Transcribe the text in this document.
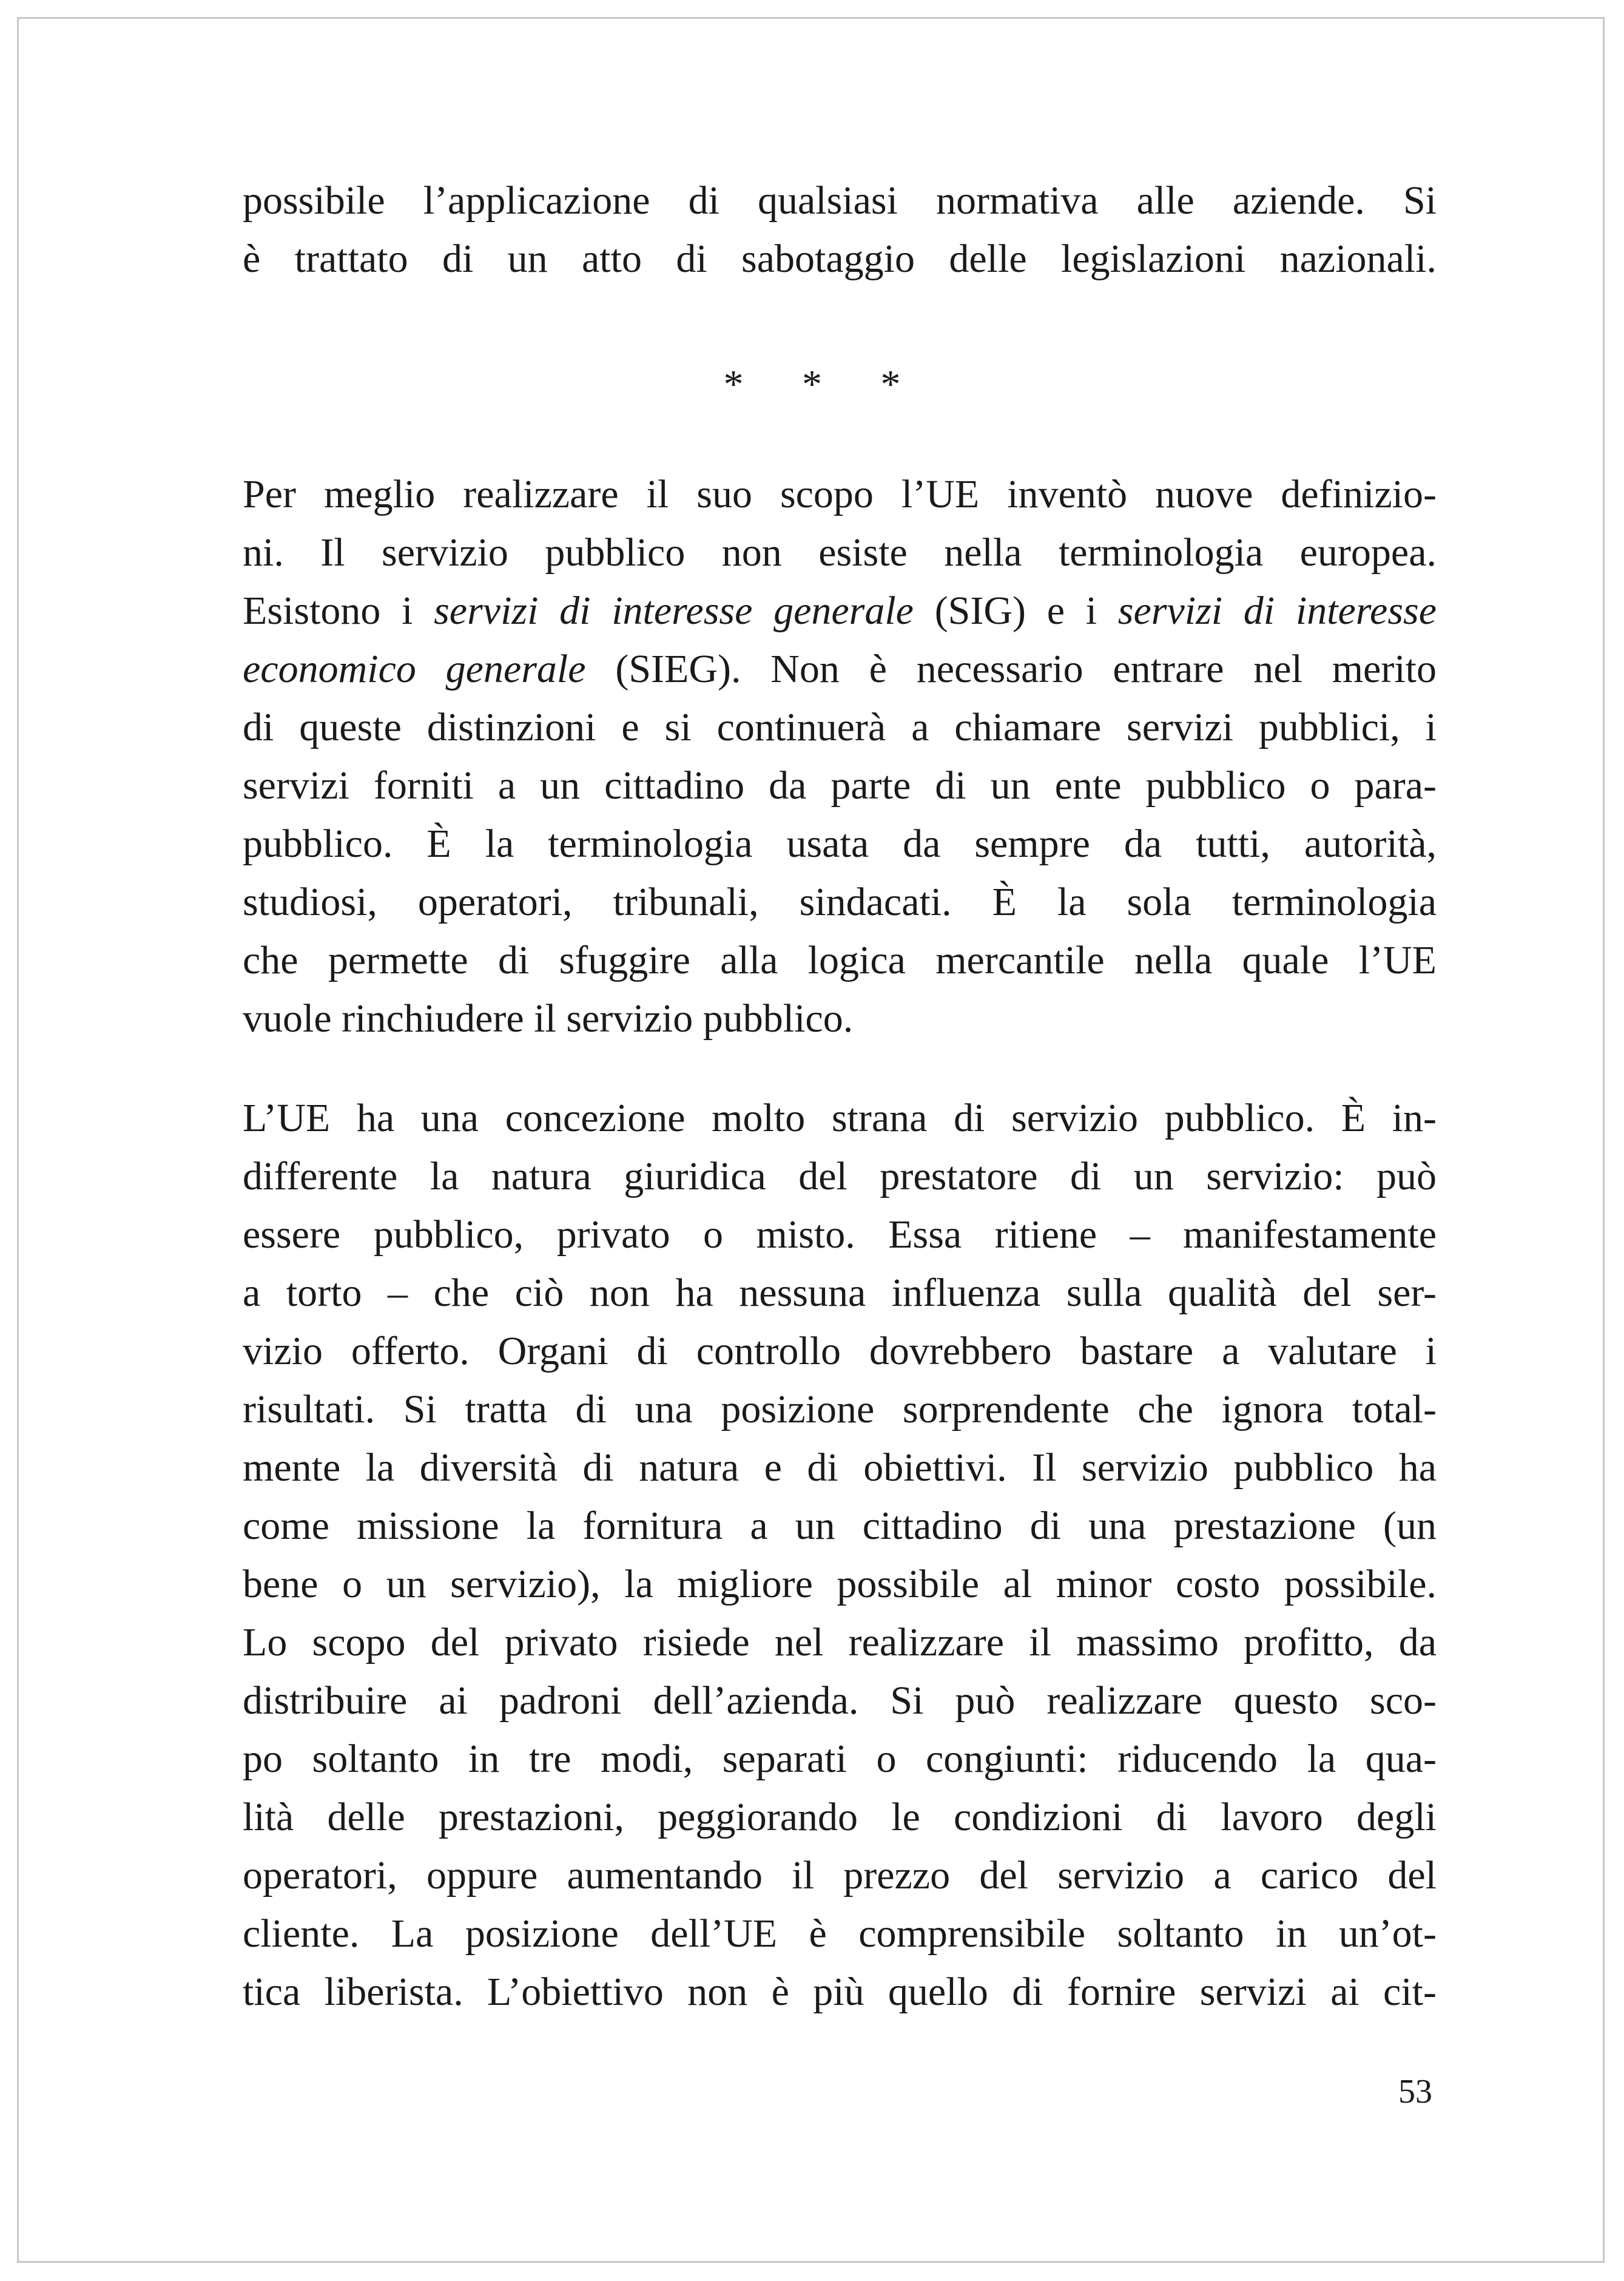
possibile l’applicazione di qualsiasi normativa alle aziende. Si
è trattato di un atto di sabotaggio delle legislazioni nazionali.
* * *
Per meglio realizzare il suo scopo l’UE inventò nuove definizio-
ni. Il servizio pubblico non esiste nella terminologia europea.
Esistono i servizi di interesse generale (SIG) e i servizi di interesse
economico generale (SIEG). Non è necessario entrare nel merito
di queste distinzioni e si continuerà a chiamare servizi pubblici, i
servizi forniti a un cittadino da parte di un ente pubblico o para-
pubblico. È la terminologia usata da sempre da tutti, autorità,
studiosi, operatori, tribunali, sindacati. È la sola terminologia
che permette di sfuggire alla logica mercantile nella quale l’UE
vuole rinchiudere il servizio pubblico.
L’UE ha una concezione molto strana di servizio pubblico. È in-
differente la natura giuridica del prestatore di un servizio: può
essere pubblico, privato o misto. Essa ritiene – manifestamente
a torto – che ciò non ha nessuna influenza sulla qualità del ser-
vizio offerto. Organi di controllo dovrebbero bastare a valutare i
risultati. Si tratta di una posizione sorprendente che ignora total-
mente la diversità di natura e di obiettivi. Il servizio pubblico ha
come missione la fornitura a un cittadino di una prestazione (un
bene o un servizio), la migliore possibile al minor costo possibile.
Lo scopo del privato risiede nel realizzare il massimo profitto, da
distribuire ai padroni dell’azienda. Si può realizzare questo sco-
po soltanto in tre modi, separati o congiunti: riducendo la qua-
lità delle prestazioni, peggiorando le condizioni di lavoro degli
operatori, oppure aumentando il prezzo del servizio a carico del
cliente. La posizione dell’UE è comprensibile soltanto in un’ot-
tica liberista. L’obiettivo non è più quello di fornire servizi ai cit-
53
